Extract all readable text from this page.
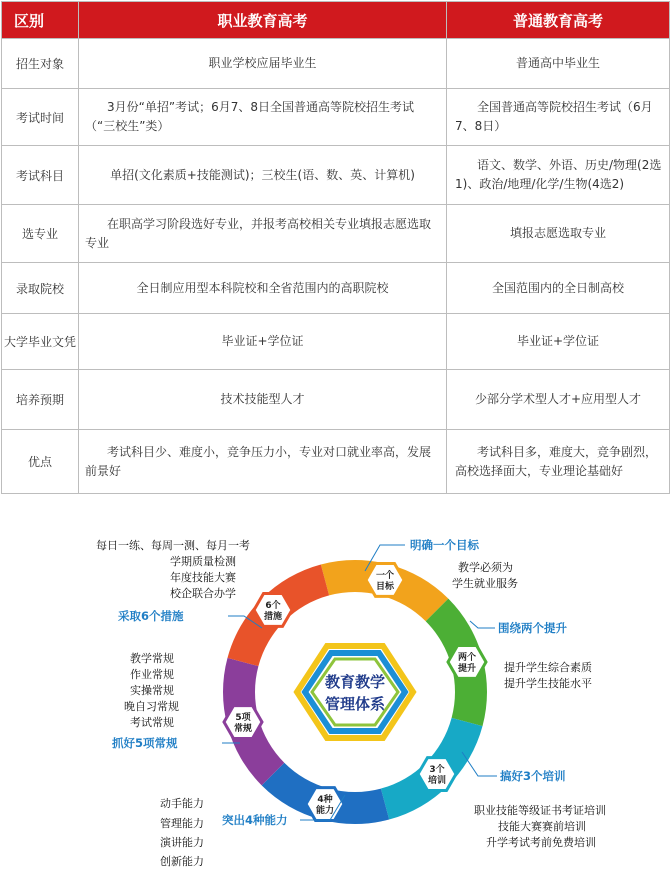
区别	职业教育高考	普通教育高考
招生对象	职业学校应届毕业生	普通高中毕业生
考试时间	3月份“单招”考试；6月7、8日全国普通高等院校招生考试（“三校生”类）	全国普通高等院校招生考试（6月7、8日）
考试科目	单招(文化素质+技能测试)；三校生(语、数、英、计算机)	语文、数学、外语、历史/物理(2选1)、政治/地理/化学/生物(4选2)
选专业	在职高学习阶段选好专业，并报考高校相关专业填报志愿选取专业	填报志愿选取专业
录取院校	全日制应用型本科院校和全省范围内的高职院校	全国范围内的全日制高校
大学毕业文凭	毕业证+学位证	毕业证+学位证
培养预期	技术技能型人才	少部分学术型人才+应用型人才
优点	考试科目少、难度小，竞争压力小，专业对口就业率高，发展前景好	考试科目多，难度大，竞争剧烈，高校选择面大，专业理论基础好
教育教学
管理体系
一个
目标
两个
提升
3个
培训
4种
能力
5项
常规
6个
措施
明确一个目标
教学必须为
学生就业服务
围绕两个提升
提升学生综合素质
提升学生技能水平
搞好3个培训
职业技能等级证书考证培训
技能大赛赛前培训
升学考试考前免费培训
突出4种能力
动手能力
管理能力
演讲能力
创新能力
抓好5项常规
教学常规
作业常规
实操常规
晚自习常规
考试常规
采取6个措施
每日一练、每周一测、每月一考
学期质量检测
年度技能大赛
校企联合办学
